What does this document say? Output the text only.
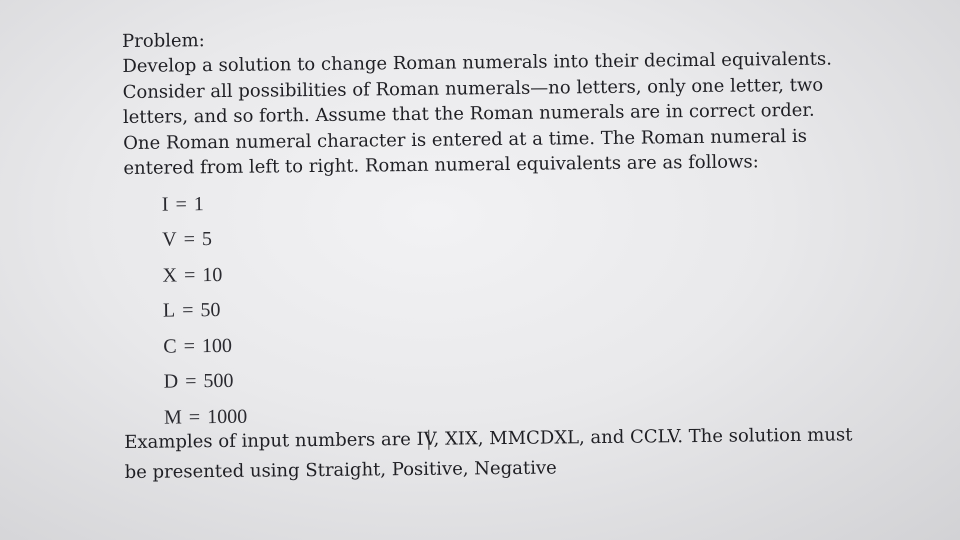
Problem:

Develop a solution to change Roman numerals into their decimal equivalents.
Consider all possibilities of Roman numerals—no letters, only one letter, two
letters, and so forth. Assume that the Roman numerals are in correct order.
One Roman numeral character is entered at a time. The Roman numeral is
entered from left to right. Roman numeral equivalents are as follows:

I = 1
V = 5
X = 10
L = 50
C = 100
D = 500
M = 1000

Examples of input numbers are IV, XIX, MMCDXL, and CCLV. The solution must
be presented using Straight, Positive, Negative
